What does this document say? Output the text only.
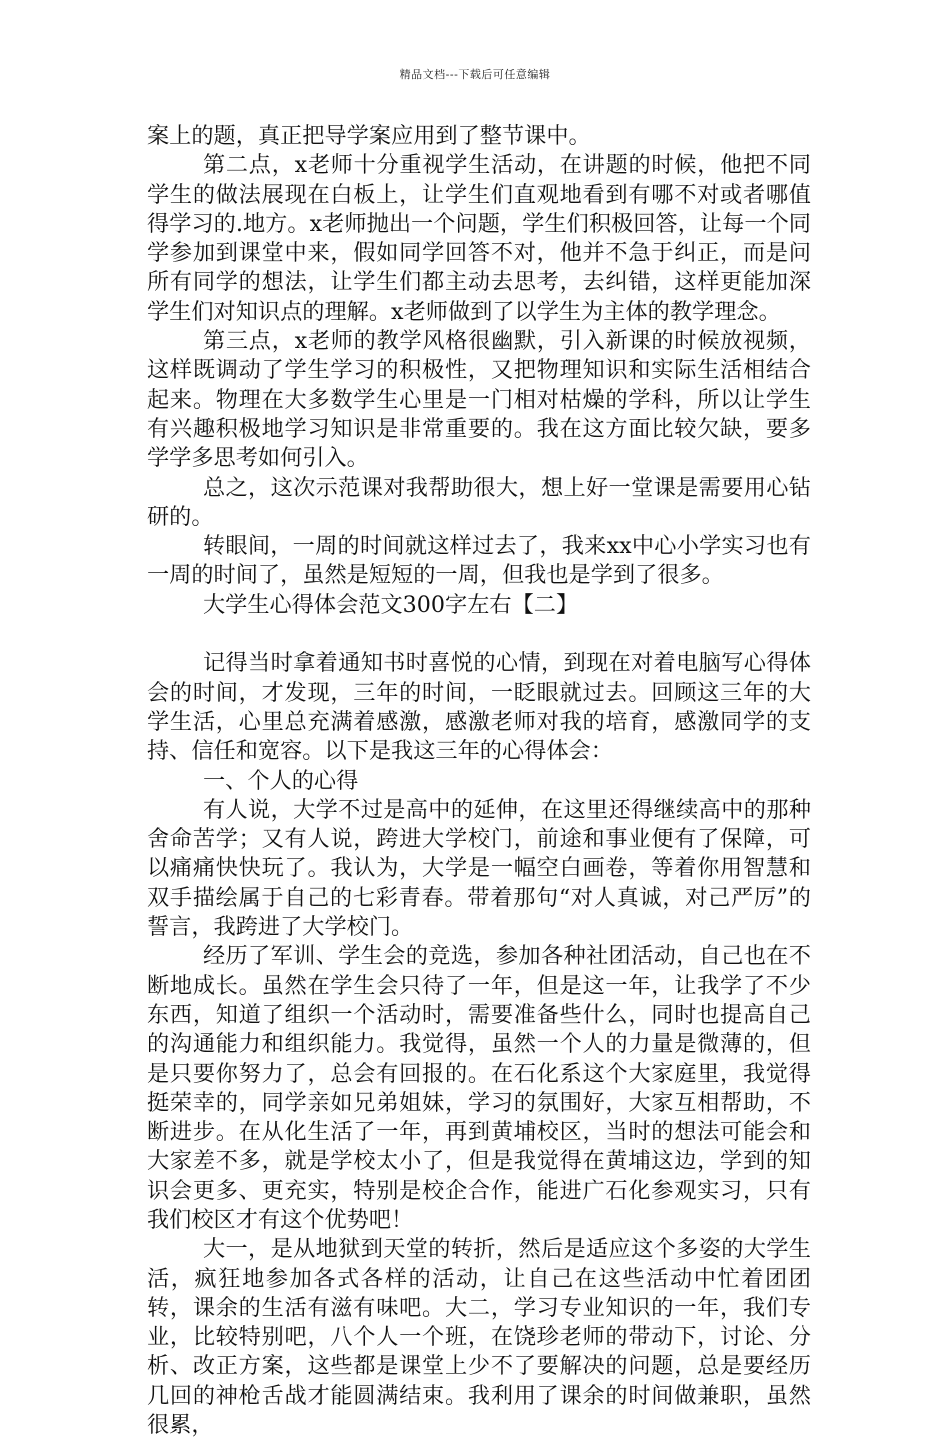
精品文档---下载后可任意编辑

案上的题，真正把导学案应用到了整节课中。

第二点，x老师十分重视学生活动，在讲题的时候，他把不同学生的做法展现在白板上，让学生们直观地看到有哪不对或者哪值得学习的.地方。x老师抛出一个问题，学生们积极回答，让每一个同学参加到课堂中来，假如同学回答不对，他并不急于纠正，而是问所有同学的想法，让学生们都主动去思考，去纠错，这样更能加深学生们对知识点的理解。x老师做到了以学生为主体的教学理念。

第三点，x老师的教学风格很幽默，引入新课的时候放视频，这样既调动了学生学习的积极性，又把物理知识和实际生活相结合起来。物理在大多数学生心里是一门相对枯燥的学科，所以让学生有兴趣积极地学习知识是非常重要的。我在这方面比较欠缺，要多学学多思考如何引入。

总之，这次示范课对我帮助很大，想上好一堂课是需要用心钻研的。

转眼间，一周的时间就这样过去了，我来xx中心小学实习也有一周的时间了，虽然是短短的一周，但我也是学到了很多。

大学生心得体会范文300字左右【二】

记得当时拿着通知书时喜悦的心情，到现在对着电脑写心得体会的时间，才发现，三年的时间，一眨眼就过去。回顾这三年的大学生活，心里总充满着感激，感激老师对我的培育，感激同学的支持、信任和宽容。以下是我这三年的心得体会：

一、个人的心得

有人说，大学不过是高中的延伸，在这里还得继续高中的那种舍命苦学；又有人说，跨进大学校门，前途和事业便有了保障，可以痛痛快快玩了。我认为，大学是一幅空白画卷，等着你用智慧和双手描绘属于自己的七彩青春。带着那句“对人真诚，对己严厉”的誓言，我跨进了大学校门。

经历了军训、学生会的竞选，参加各种社团活动，自己也在不断地成长。虽然在学生会只待了一年，但是这一年，让我学了不少东西，知道了组织一个活动时，需要准备些什么，同时也提高自己的沟通能力和组织能力。我觉得，虽然一个人的力量是微薄的，但是只要你努力了，总会有回报的。在石化系这个大家庭里，我觉得挺荣幸的，同学亲如兄弟姐妹，学习的氛围好，大家互相帮助，不断进步。在从化生活了一年，再到黄埔校区，当时的想法可能会和大家差不多，就是学校太小了，但是我觉得在黄埔这边，学到的知识会更多、更充实，特别是校企合作，能进广石化参观实习，只有我们校区才有这个优势吧！

大一，是从地狱到天堂的转折，然后是适应这个多姿的大学生活，疯狂地参加各式各样的活动，让自己在这些活动中忙着团团转，课余的生活有滋有味吧。大二，学习专业知识的一年，我们专业，比较特别吧，八个人一个班，在饶珍老师的带动下，讨论、分析、改正方案，这些都是课堂上少不了要解决的问题，总是要经历几回的神枪舌战才能圆满结束。我利用了课余的时间做兼职，虽然很累，
